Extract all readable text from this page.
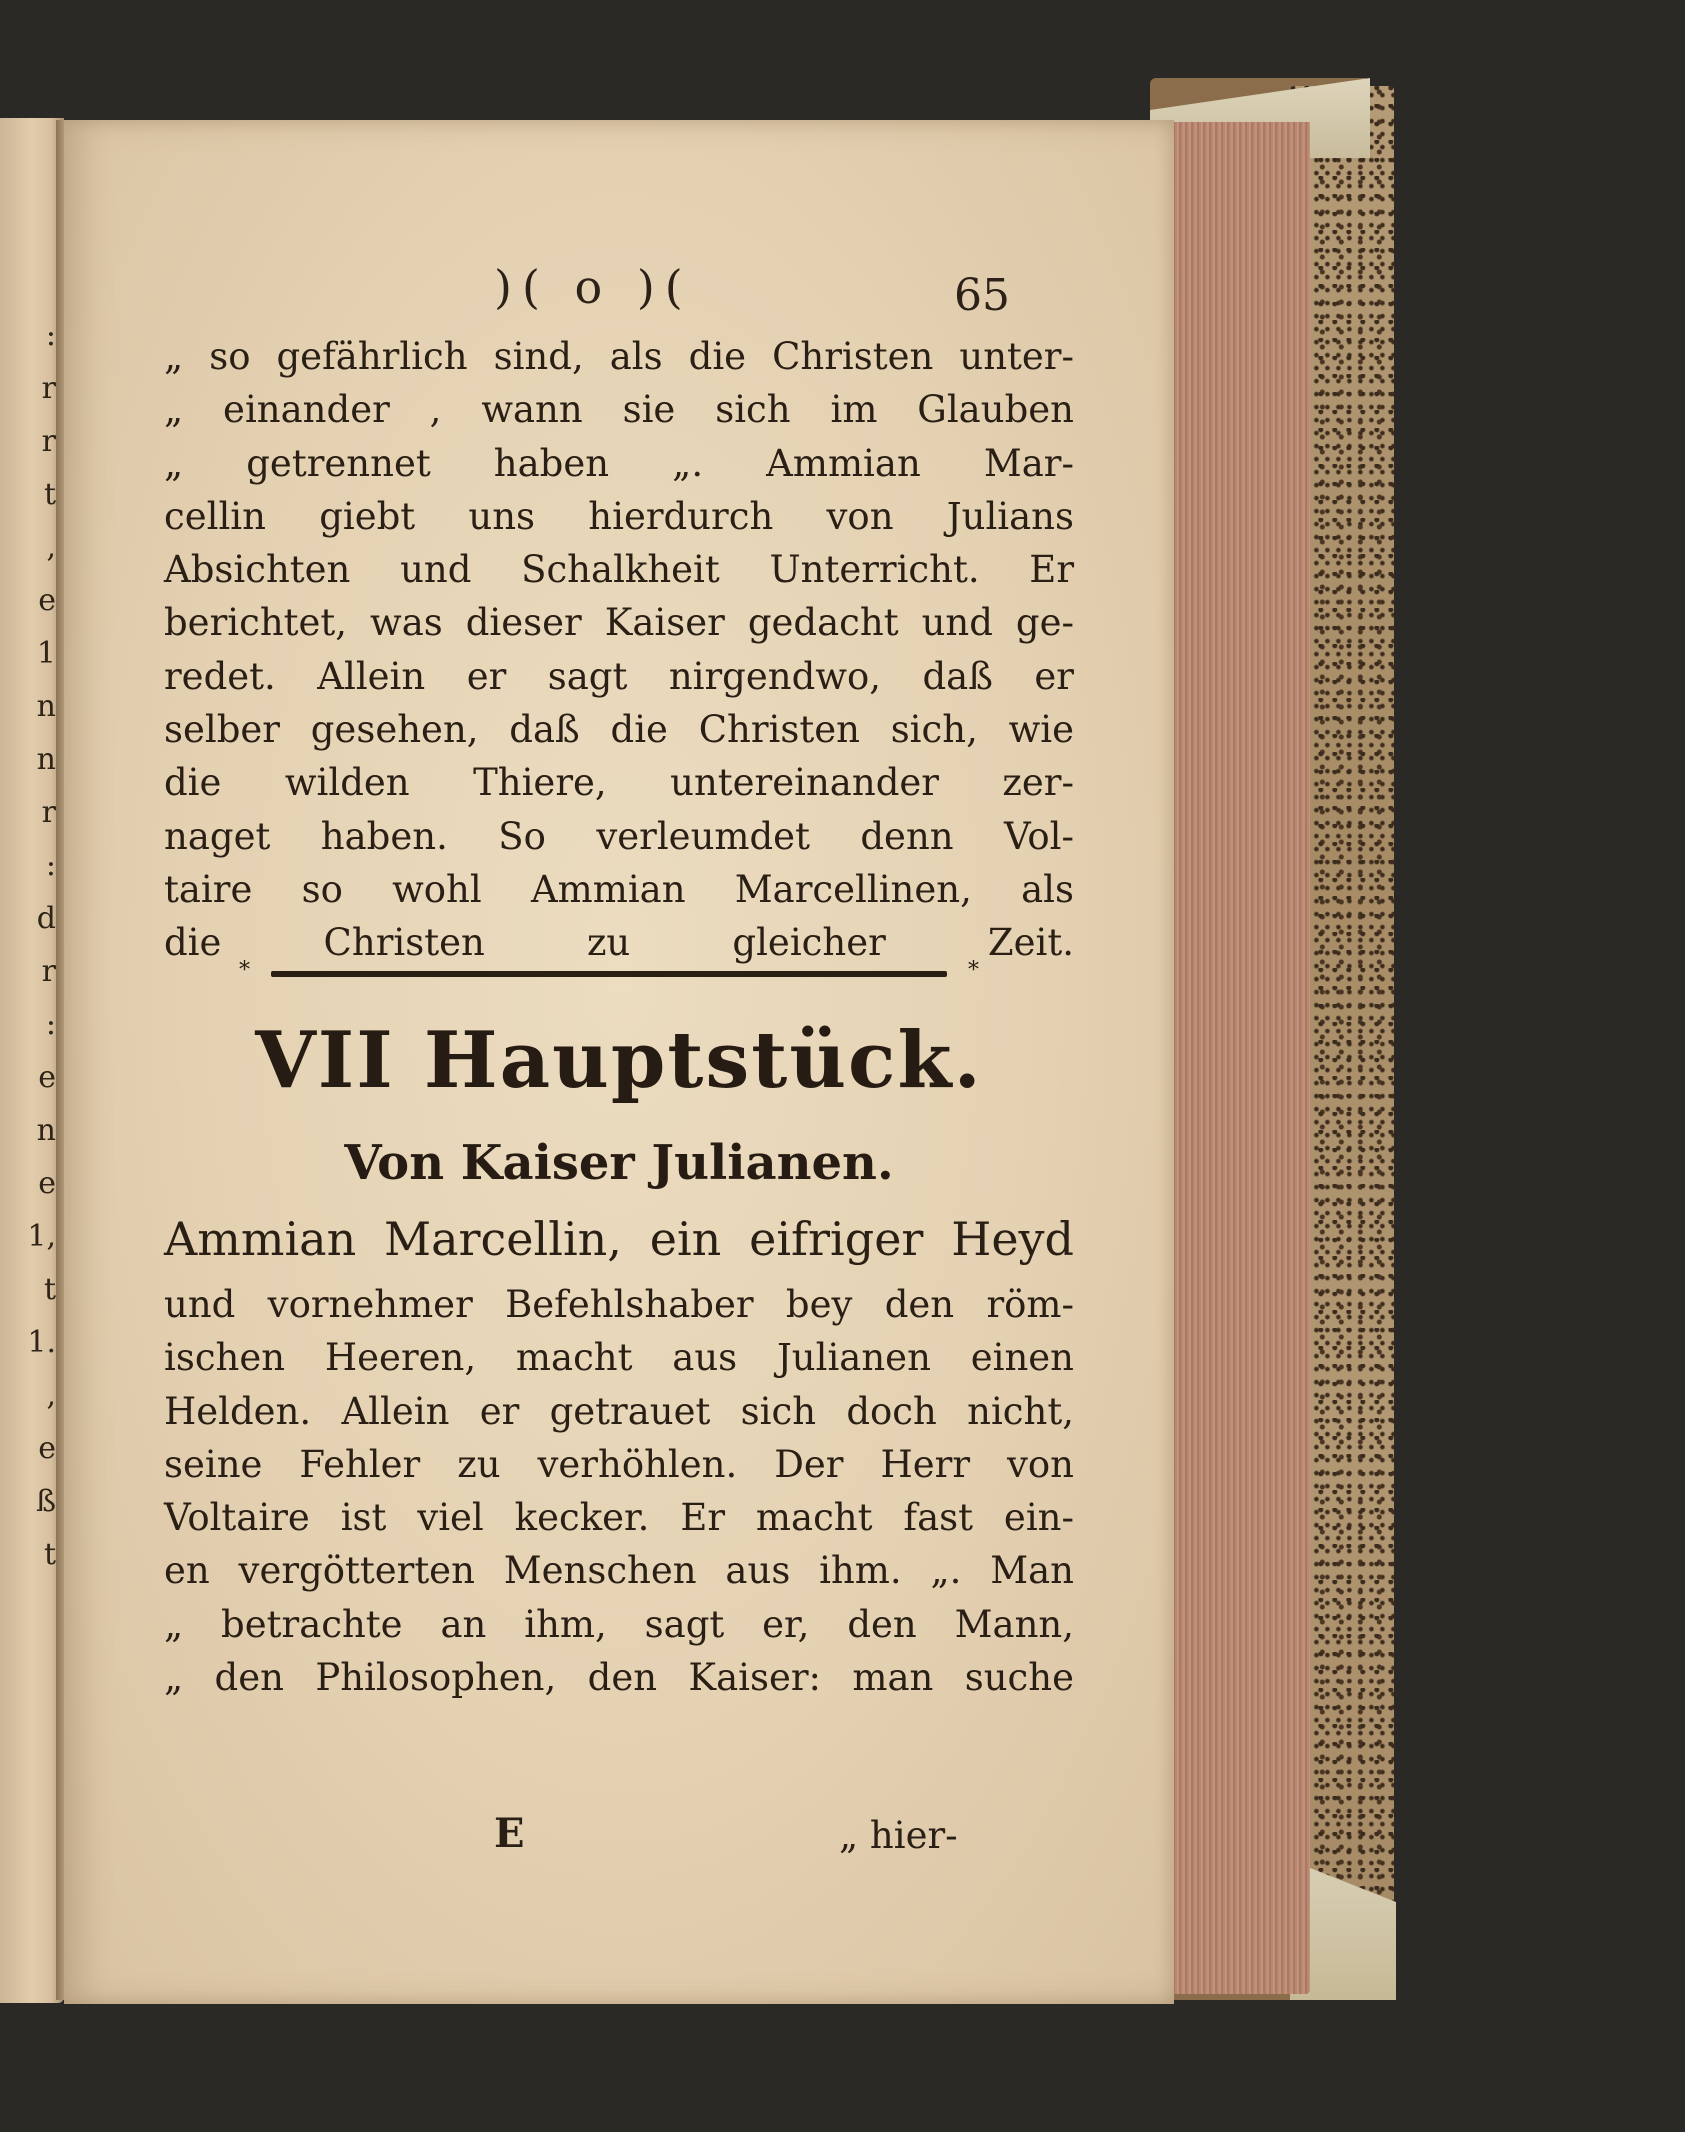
:
r
r
t
,
e
1
n
n
r
:
d
r
:
e
n
e
1,
t
1.
,
e
ß
t
)( o )(	65
„ so gefährlich sind, als die Christen unter-
„ einander , wann sie sich im Glauben
„ getrennet haben „. Ammian Mar-
cellin giebt uns hierdurch von Julians
Absichten und Schalkheit Unterricht. Er
berichtet, was dieser Kaiser gedacht und ge-
redet. Allein er sagt nirgendwo, daß er
selber gesehen, daß die Christen sich, wie
die wilden Thiere, untereinander zer-
naget haben. So verleumdet denn Vol-
taire so wohl Ammian Marcellinen, als
die Christen zu gleicher Zeit.
*	*
VII Hauptstück.
Von Kaiser Julianen.
Ammian Marcellin, ein eifriger Heyd
und vornehmer Befehlshaber bey den röm-
ischen Heeren, macht aus Julianen einen
Helden. Allein er getrauet sich doch nicht,
seine Fehler zu verhöhlen. Der Herr von
Voltaire ist viel kecker. Er macht fast ein-
en vergötterten Menschen aus ihm. „. Man
„ betrachte an ihm, sagt er, den Mann,
„ den Philosophen, den Kaiser: man suche
E	„ hier-
